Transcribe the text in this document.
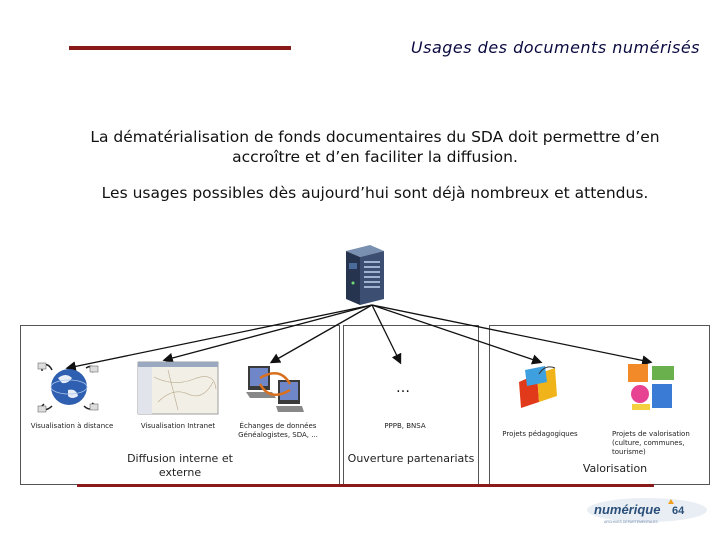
Usages des documents numérisés
La dématérialisation de fonds documentaires du SDA doit permettre d’en accroître et d’en faciliter la diffusion.
Les usages possibles dès aujourd’hui sont déjà nombreux et attendus.
Visualisation à distance	Visualisation Intranet	Échanges de données Généalogistes, SDA, ...
Diffusion interne et externe
…
PPPB, BNSA
Ouverture partenariats
Projets pédagogiques	Projets de valorisation (culture, communes, tourisme)
Valorisation
numérique 64
ARCHIVES DEPARTEMENTALES
